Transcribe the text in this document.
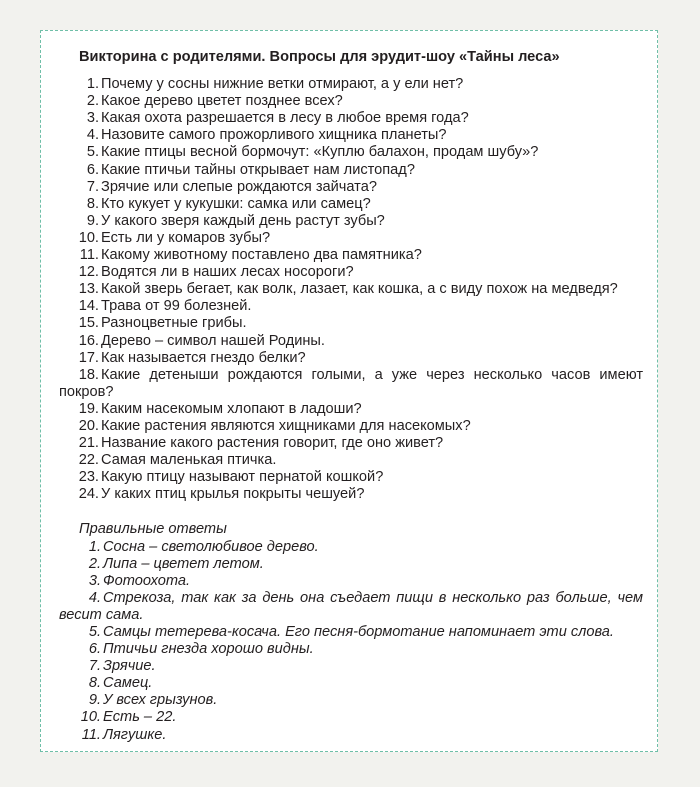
Викторина с родителями. Вопросы для эрудит-шоу «Тайны леса»
1. Почему у сосны нижние ветки отмирают, а у ели нет?
2. Какое дерево цветет позднее всех?
3. Какая охота разрешается в лесу в любое время года?
4. Назовите самого прожорливого хищника планеты?
5. Какие птицы весной бормочут: «Куплю балахон, продам шубу»?
6. Какие птичьи тайны открывает нам листопад?
7. Зрячие или слепые рождаются зайчата?
8. Кто кукует у кукушки: самка или самец?
9. У какого зверя каждый день растут зубы?
10. Есть ли у комаров зубы?
11. Какому животному поставлено два памятника?
12. Водятся ли в наших лесах носороги?
13. Какой зверь бегает, как волк, лазает, как кошка, а с виду похож на медведя?
14. Трава от 99 болезней.
15. Разноцветные грибы.
16. Дерево – символ нашей Родины.
17. Как называется гнездо белки?
18. Какие детеныши рождаются голыми, а уже через несколько часов имеют покров?
19. Каким насекомым хлопают в ладоши?
20. Какие растения являются хищниками для насекомых?
21. Название какого растения говорит, где оно живет?
22. Самая маленькая птичка.
23. Какую птицу называют пернатой кошкой?
24. У каких птиц крылья покрыты чешуей?
Правильные ответы
1. Сосна – светолюбивое дерево.
2. Липа – цветет летом.
3. Фотоохота.
4. Стрекоза, так как за день она съедает пищи в несколько раз больше, чем весит сама.
5. Самцы тетерева-косача. Его песня-бормотание напоминает эти слова.
6. Птичьи гнезда хорошо видны.
7. Зрячие.
8. Самец.
9. У всех грызунов.
10. Есть – 22.
11. Лягушке.
